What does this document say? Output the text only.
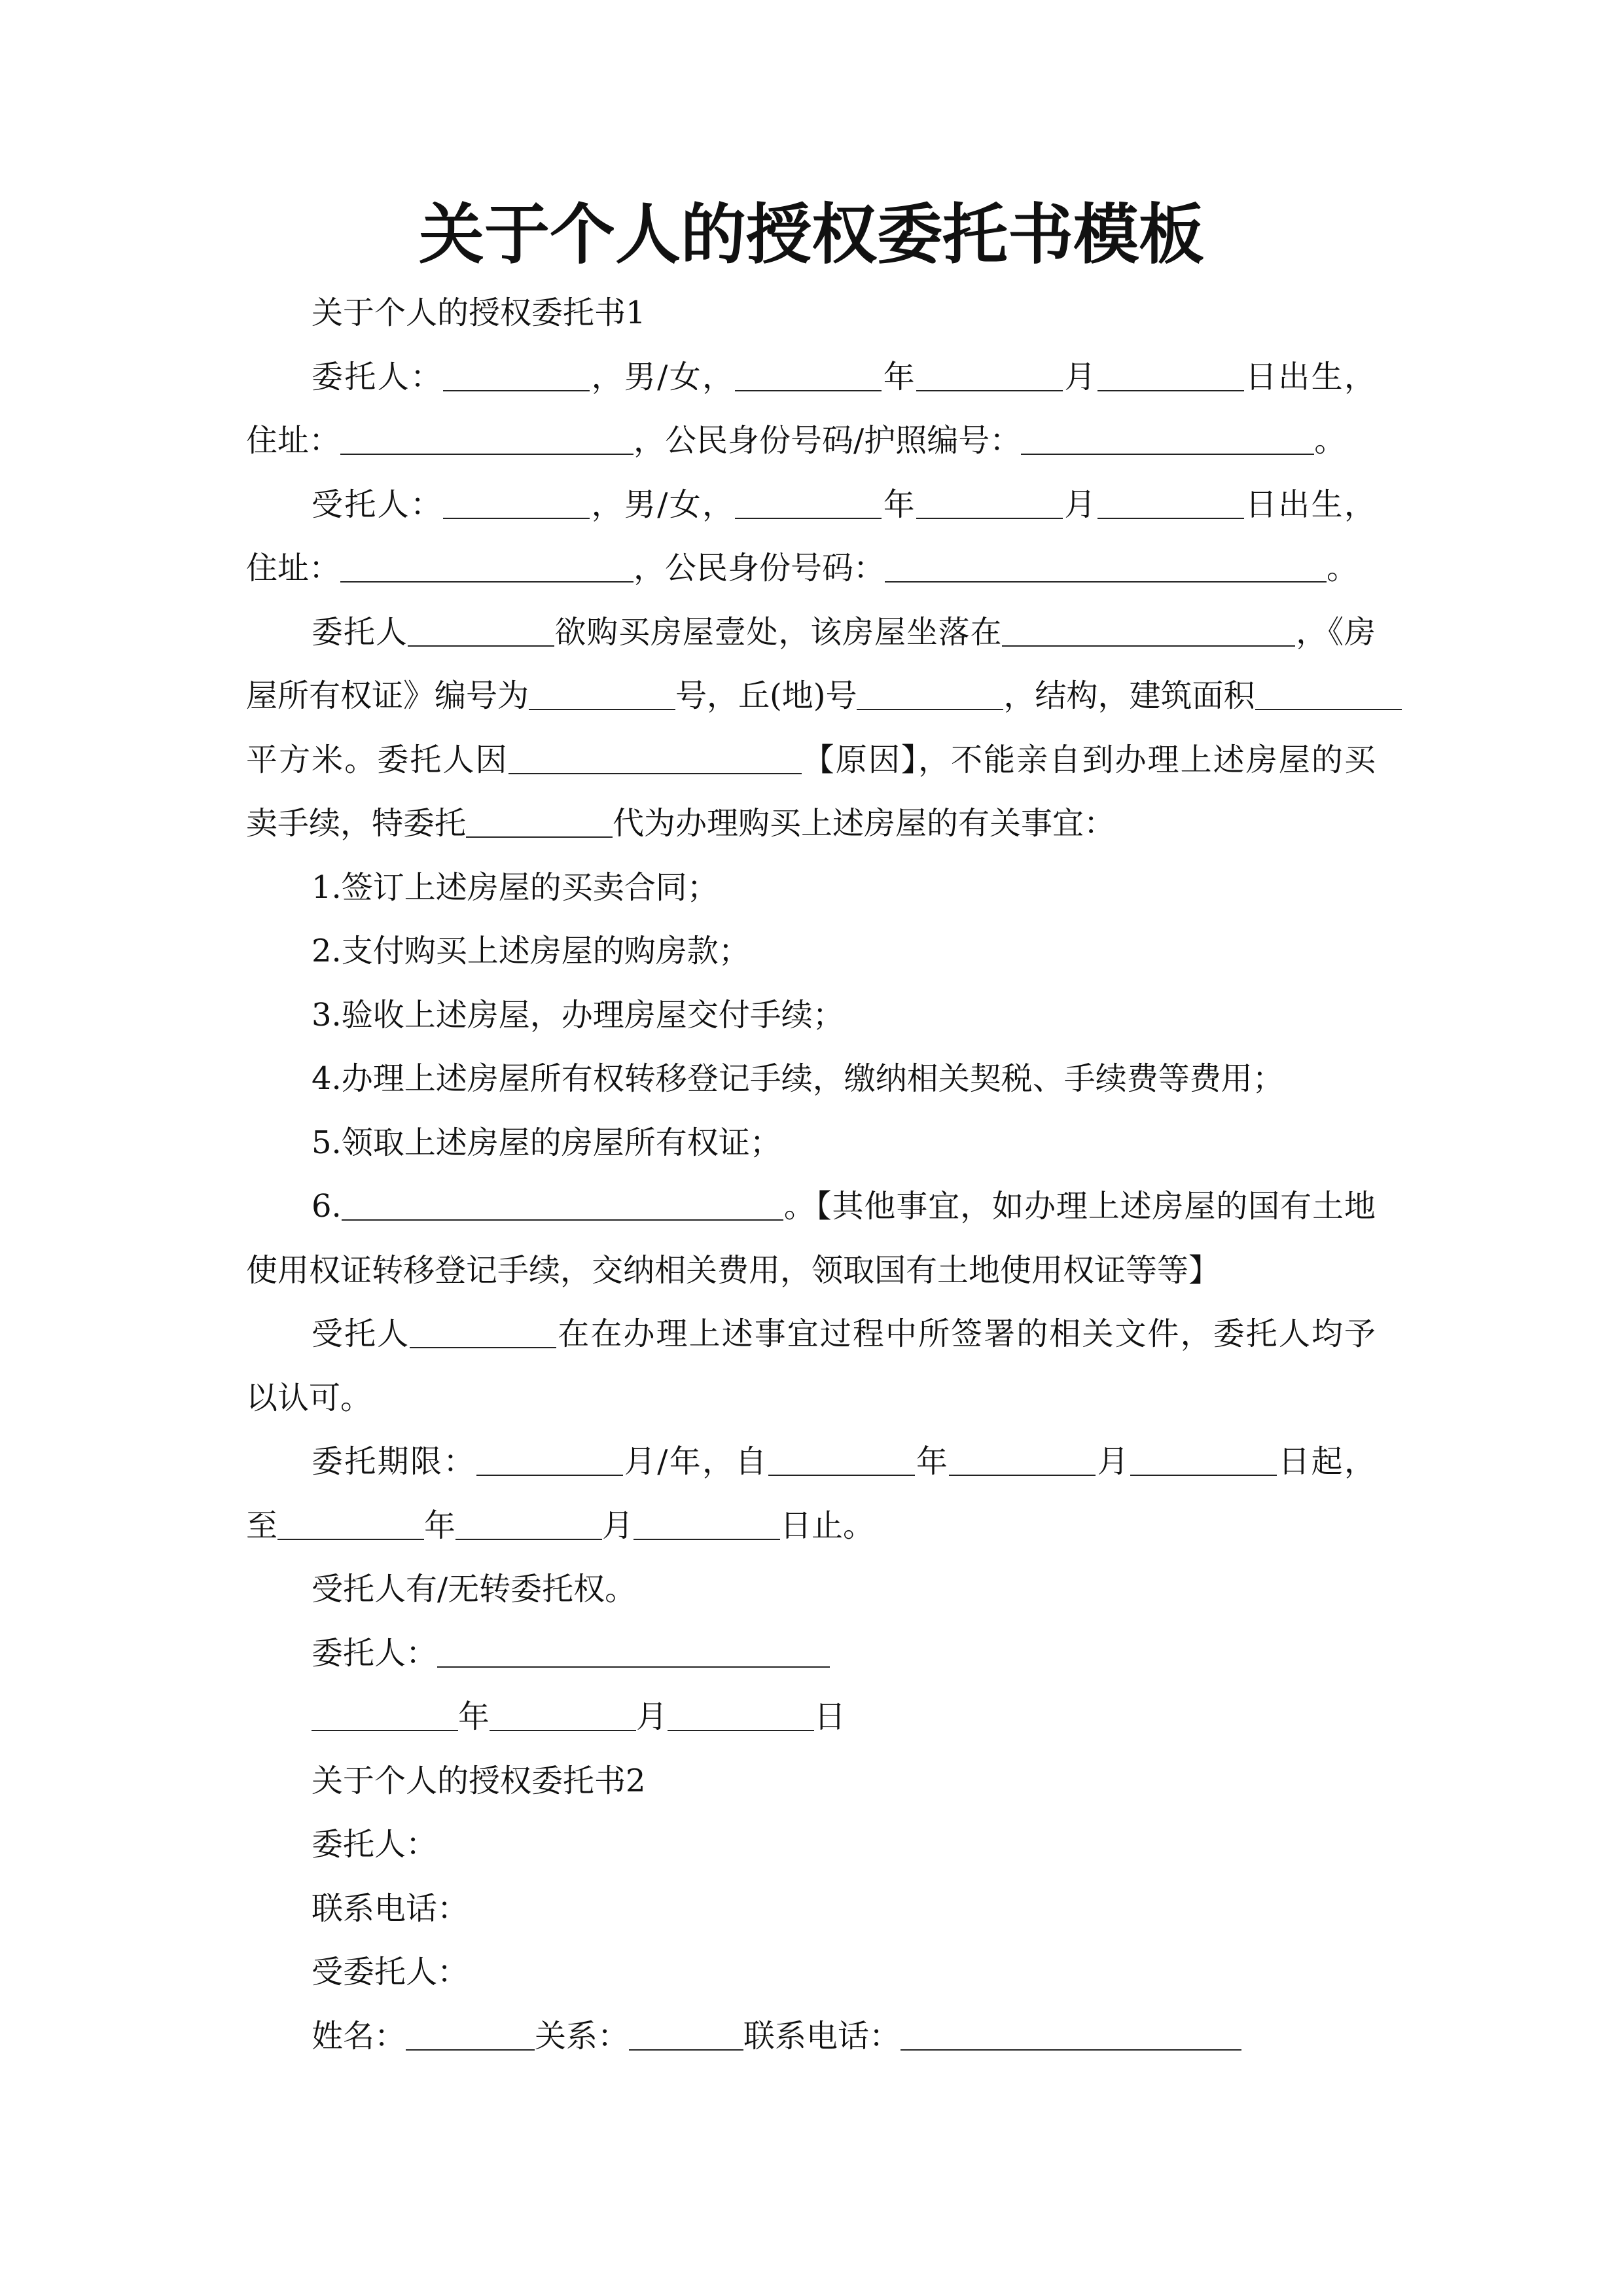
关于个人的授权委托书模板
关于个人的授权委托书1
委托人：	，男/女，	年	月	日出生，
住址：	，公民身份号码/护照编号：	。
受托人：	，男/女，	年	月	日出生，
住址：	，公民身份号码：	。
委托人	欲购买房屋壹处，该房屋坐落在	，《房
屋所有权证》编号为	号，丘(地)号	，结构，建筑面积
平方米。委托人因	【原因】，不能亲自到办理上述房屋的买
卖手续，特委托	代为办理购买上述房屋的有关事宜：
1.签订上述房屋的买卖合同；
2.支付购买上述房屋的购房款；
3.验收上述房屋，办理房屋交付手续；
4.办理上述房屋所有权转移登记手续，缴纳相关契税、手续费等费用；
5.领取上述房屋的房屋所有权证；
6.	。【其他事宜，如办理上述房屋的国有土地
使用权证转移登记手续，交纳相关费用，领取国有土地使用权证等等】
受托人	在在办理上述事宜过程中所签署的相关文件，委托人均予
以认可。
委托期限：	月/年，自	年	月	日起，
至	年	月	日止。
受托人有/无转委托权。
委托人：
年	月	日
关于个人的授权委托书2
委托人：
联系电话：
受委托人：
姓名：	关系：	联系电话：
